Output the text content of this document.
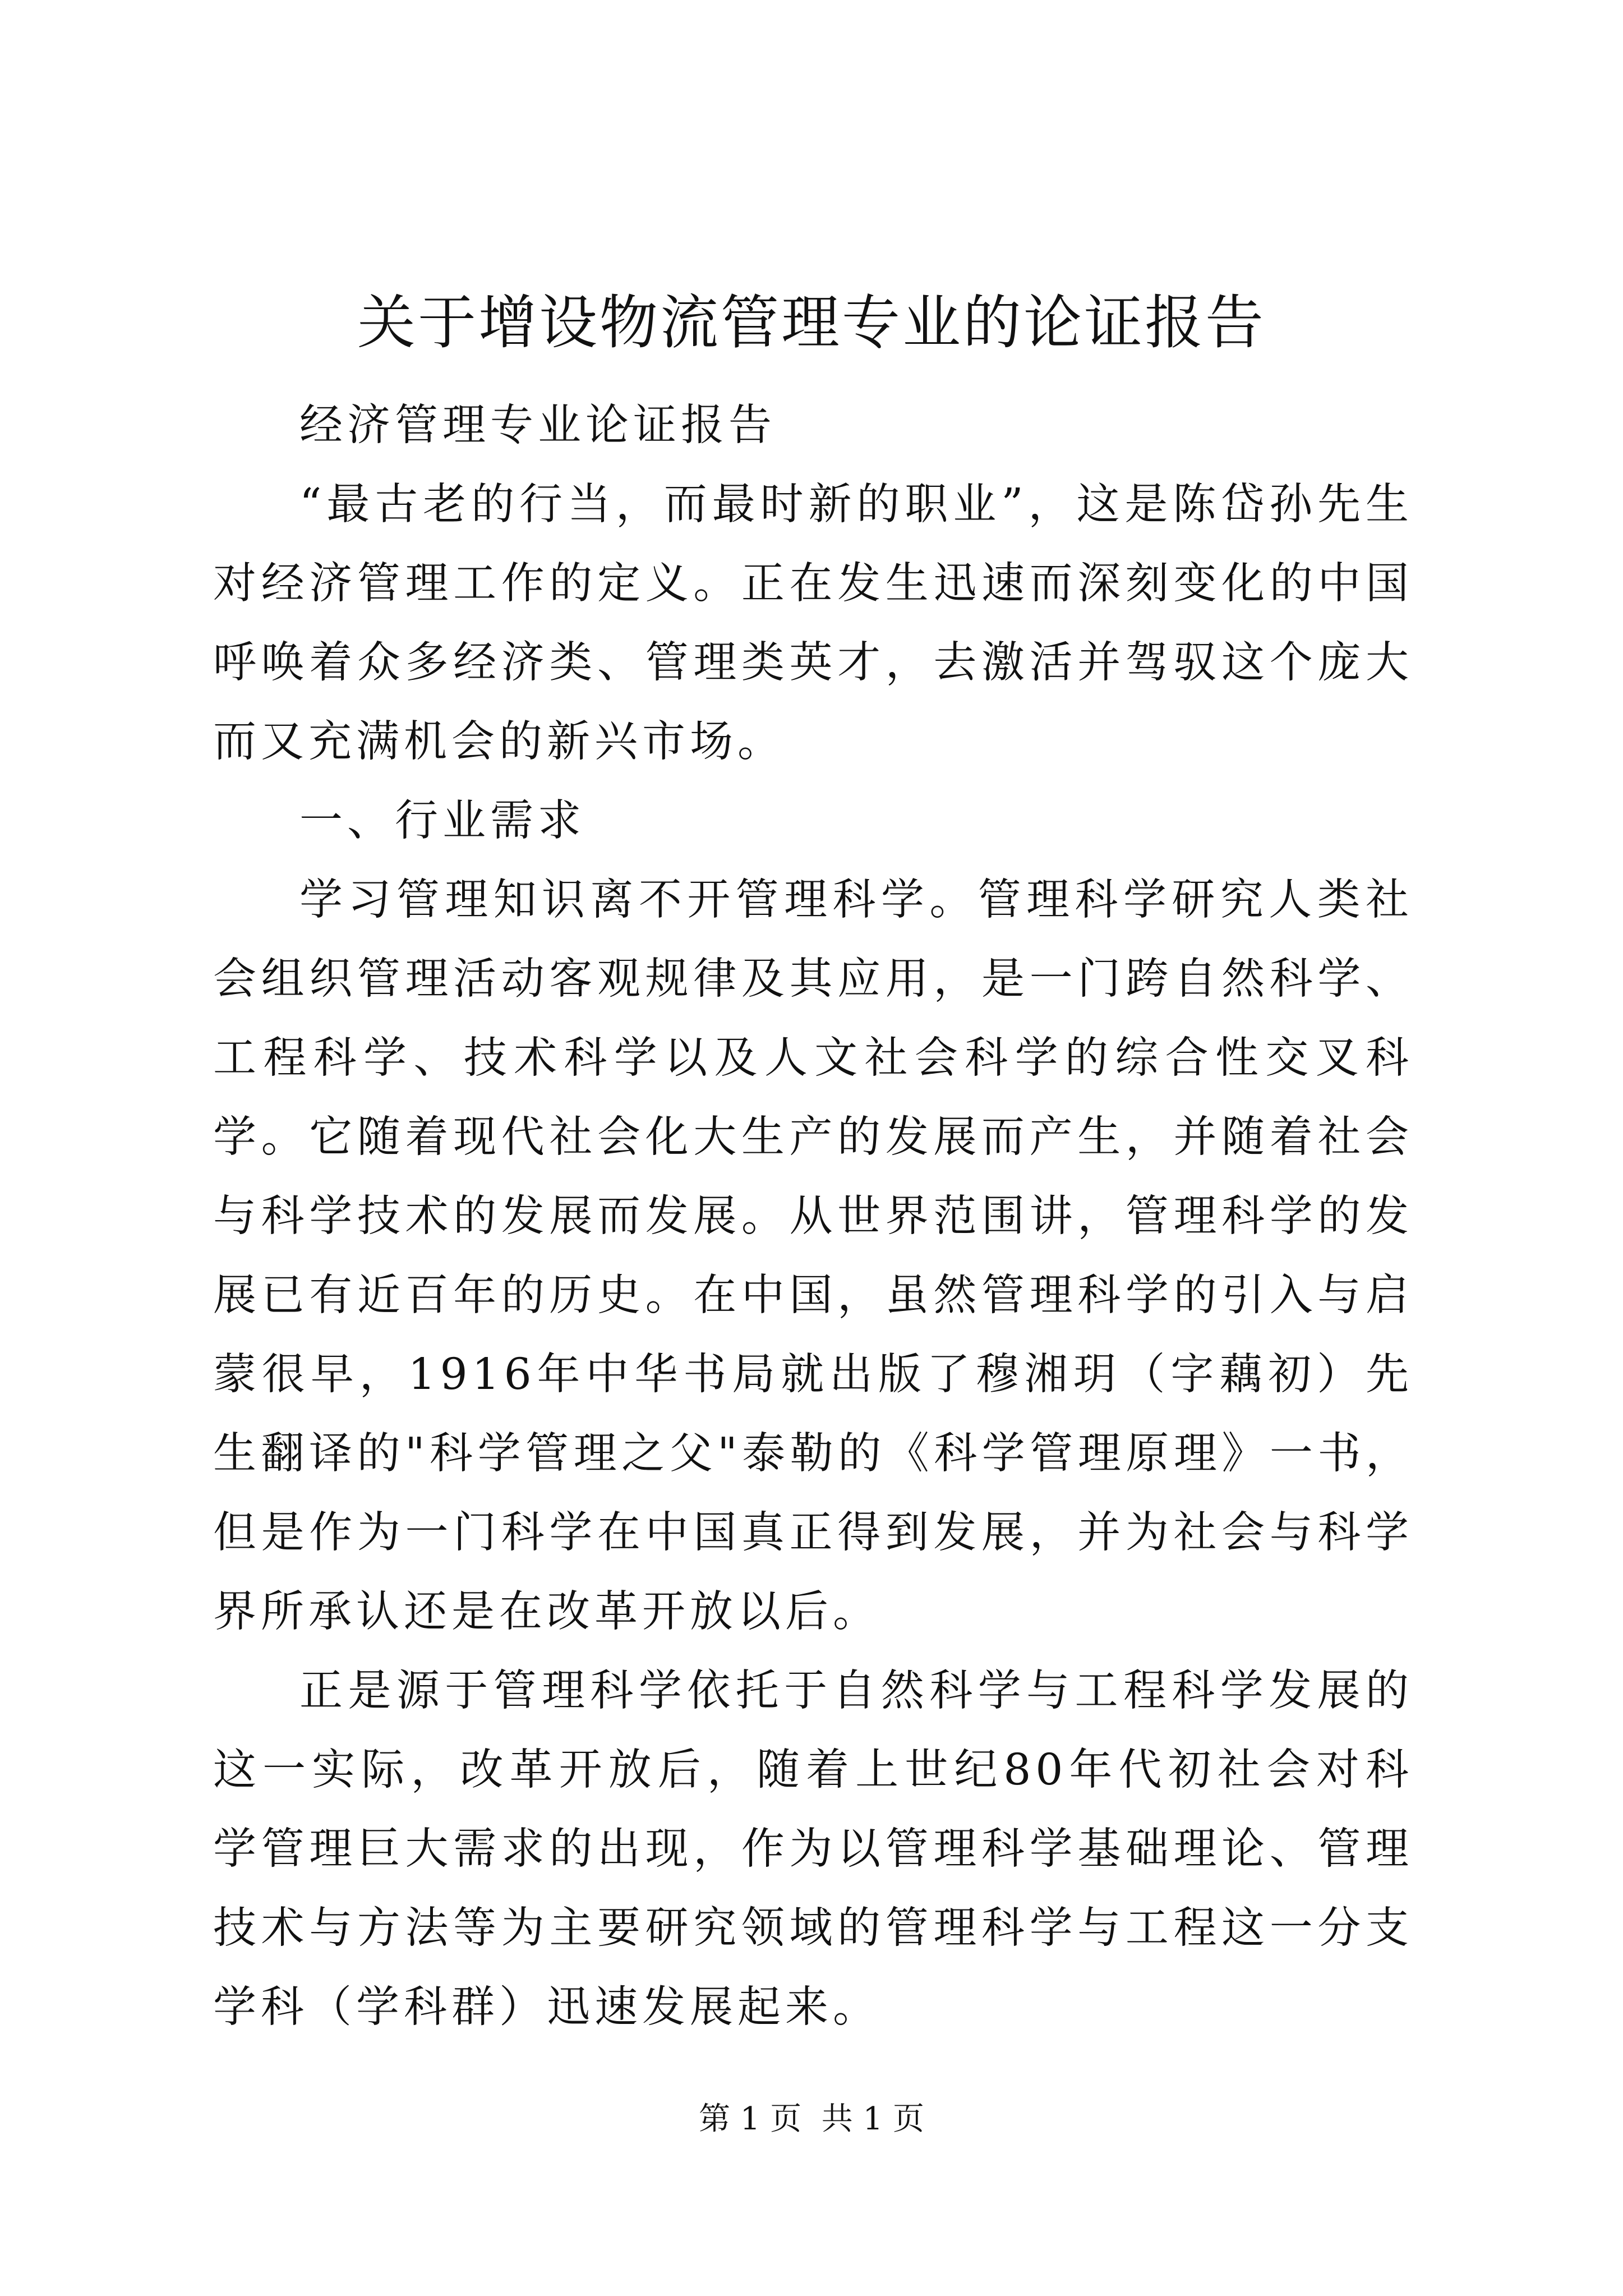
关于增设物流管理专业的论证报告

经济管理专业论证报告

“最古老的行当，而最时新的职业”，这是陈岱孙先生对经济管理工作的定义。正在发生迅速而深刻变化的中国呼唤着众多经济类、管理类英才，去激活并驾驭这个庞大而又充满机会的新兴市场。

一、行业需求

学习管理知识离不开管理科学。管理科学研究人类社会组织管理活动客观规律及其应用，是一门跨自然科学、工程科学、技术科学以及人文社会科学的综合性交叉科学。它随着现代社会化大生产的发展而产生，并随着社会与科学技术的发展而发展。从世界范围讲，管理科学的发展已有近百年的历史。在中国，虽然管理科学的引入与启蒙很早，1916年中华书局就出版了穆湘玥（字藕初）先生翻译的"科学管理之父"泰勒的《科学管理原理》一书，但是作为一门科学在中国真正得到发展，并为社会与科学界所承认还是在改革开放以后。

正是源于管理科学依托于自然科学与工程科学发展的这一实际，改革开放后，随着上世纪80年代初社会对科学管理巨大需求的出现，作为以管理科学基础理论、管理技术与方法等为主要研究领域的管理科学与工程这一分支学科（学科群）迅速发展起来。

第 1 页  共 1 页
